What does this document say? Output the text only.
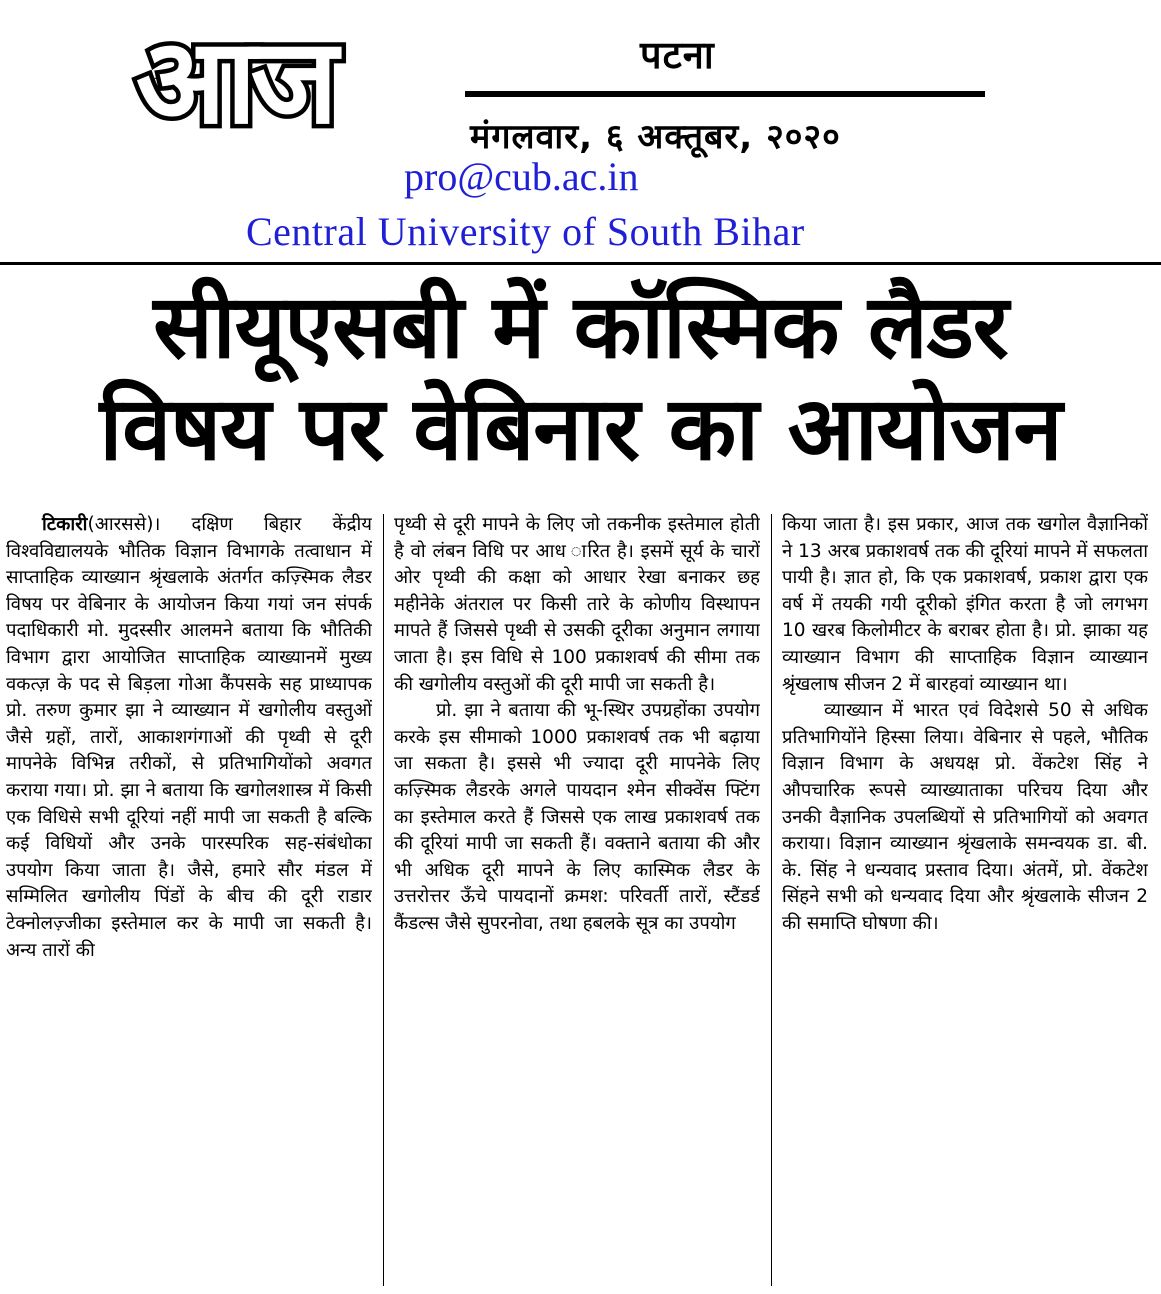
आज	पटना
मंगलवार, ६ अक्तूबर, २०२०
pro@cub.ac.in
Central University of South Bihar
सीयूएसबी में कॉस्मिक लैडर
विषय पर वेबिनार का आयोजन

टिकारी(आरससे)। दक्षिण बिहार केंद्रीय विश्वविद्यालयके भौतिक विज्ञान विभागके तत्वाधान में साप्ताहिक व्याख्यान श्रृंखलाके अंतर्गत कज़्स्मिक लैडर विषय पर वेबिनार के आयोजन किया गयां जन संपर्क पदाधिकारी मो. मुदस्सीर आलमने बताया कि भौतिकी विभाग द्वारा आयोजित साप्ताहिक व्याख्यानमें मुख्य वकत्ज़ के पद से बिड़ला गोआ कैंपसके सह प्राध्यापक प्रो. तरुण कुमार झा ने व्याख्यान में खगोलीय वस्तुओं जैसे ग्रहों, तारों, आकाशगंगाओं की पृथ्वी से दूरी मापनेके विभिन्न तरीकों, से प्रतिभागियोंको अवगत कराया गया। प्रो. झा ने बताया कि खगोलशास्त्र में किसी एक विधिसे सभी दूरियां नहीं मापी जा सकती है बल्कि कई विधियों और उनके पारस्परिक सह-संबंधोका उपयोग किया जाता है। जैसे, हमारे सौर मंडल में सम्मिलित खगोलीय पिंडों के बीच की दूरी राडार टेक्नोलज़्जीका इस्तेमाल कर के मापी जा सकती है। अन्य तारों की

पृथ्वी से दूरी मापने के लिए जो तकनीक इस्तेमाल होती है वो लंबन विधि पर आध ारित है। इसमें सूर्य के चारों ओर पृथ्वी की कक्षा को आधार रेखा बनाकर छह महीनेके अंतराल पर किसी तारे के कोणीय विस्थापन मापते हैं जिससे पृथ्वी से उसकी दूरीका अनुमान लगाया जाता है। इस विधि से 100 प्रकाशवर्ष की सीमा तक की खगोलीय वस्तुओं की दूरी मापी जा सकती है।

प्रो. झा ने बताया की भू-स्थिर उपग्रहोंका उपयोग करके इस सीमाको 1000 प्रकाशवर्ष तक भी बढ़ाया जा सकता है। इससे भी ज्यादा दूरी मापनेके लिए कज़्स्मिक लैडरके अगले पायदान श्मेन सीक्वेंस फ्टिंग का इस्तेमाल करते हैं जिससे एक लाख प्रकाशवर्ष तक की दूरियां मापी जा सकती हैं। वक्ताने बताया की और भी अधिक दूरी मापने के लिए कास्मिक लैडर के उत्तरोत्तर ऊँचे पायदानों क्रमश: परिवर्ती तारों, स्टैंडर्ड कैंडल्स जैसे सुपरनोवा, तथा हबलके सूत्र का उपयोग

किया जाता है। इस प्रकार, आज तक खगोल वैज्ञानिकों ने 13 अरब प्रकाशवर्ष तक की दूरियां मापने में सफलता पायी है। ज्ञात हो, कि एक प्रकाशवर्ष, प्रकाश द्वारा एक वर्ष में तयकी गयी दूरीको इंगित करता है जो लगभग 10 खरब किलोमीटर के बराबर होता है। प्रो. झाका यह व्याख्यान विभाग की साप्ताहिक विज्ञान व्याख्यान श्रृंखलाष सीजन 2 में बारहवां व्याख्यान था।

व्याख्यान में भारत एवं विदेशसे 50 से अधिक प्रतिभागियोंने हिस्सा लिया। वेबिनार से पहले, भौतिक विज्ञान विभाग के अधयक्ष प्रो. वेंकटेश सिंह ने औपचारिक रूपसे व्याख्याताका परिचय दिया और उनकी वैज्ञानिक उपलब्धियों से प्रतिभागियों को अवगत कराया। विज्ञान व्याख्यान श्रृंखलाके समन्वयक डा. बी. के. सिंह ने धन्यवाद प्रस्ताव दिया। अंतमें, प्रो. वेंकटेश सिंहने सभी को धन्यवाद दिया और श्रृंखलाके सीजन 2 की समाप्ति घोषणा की।
